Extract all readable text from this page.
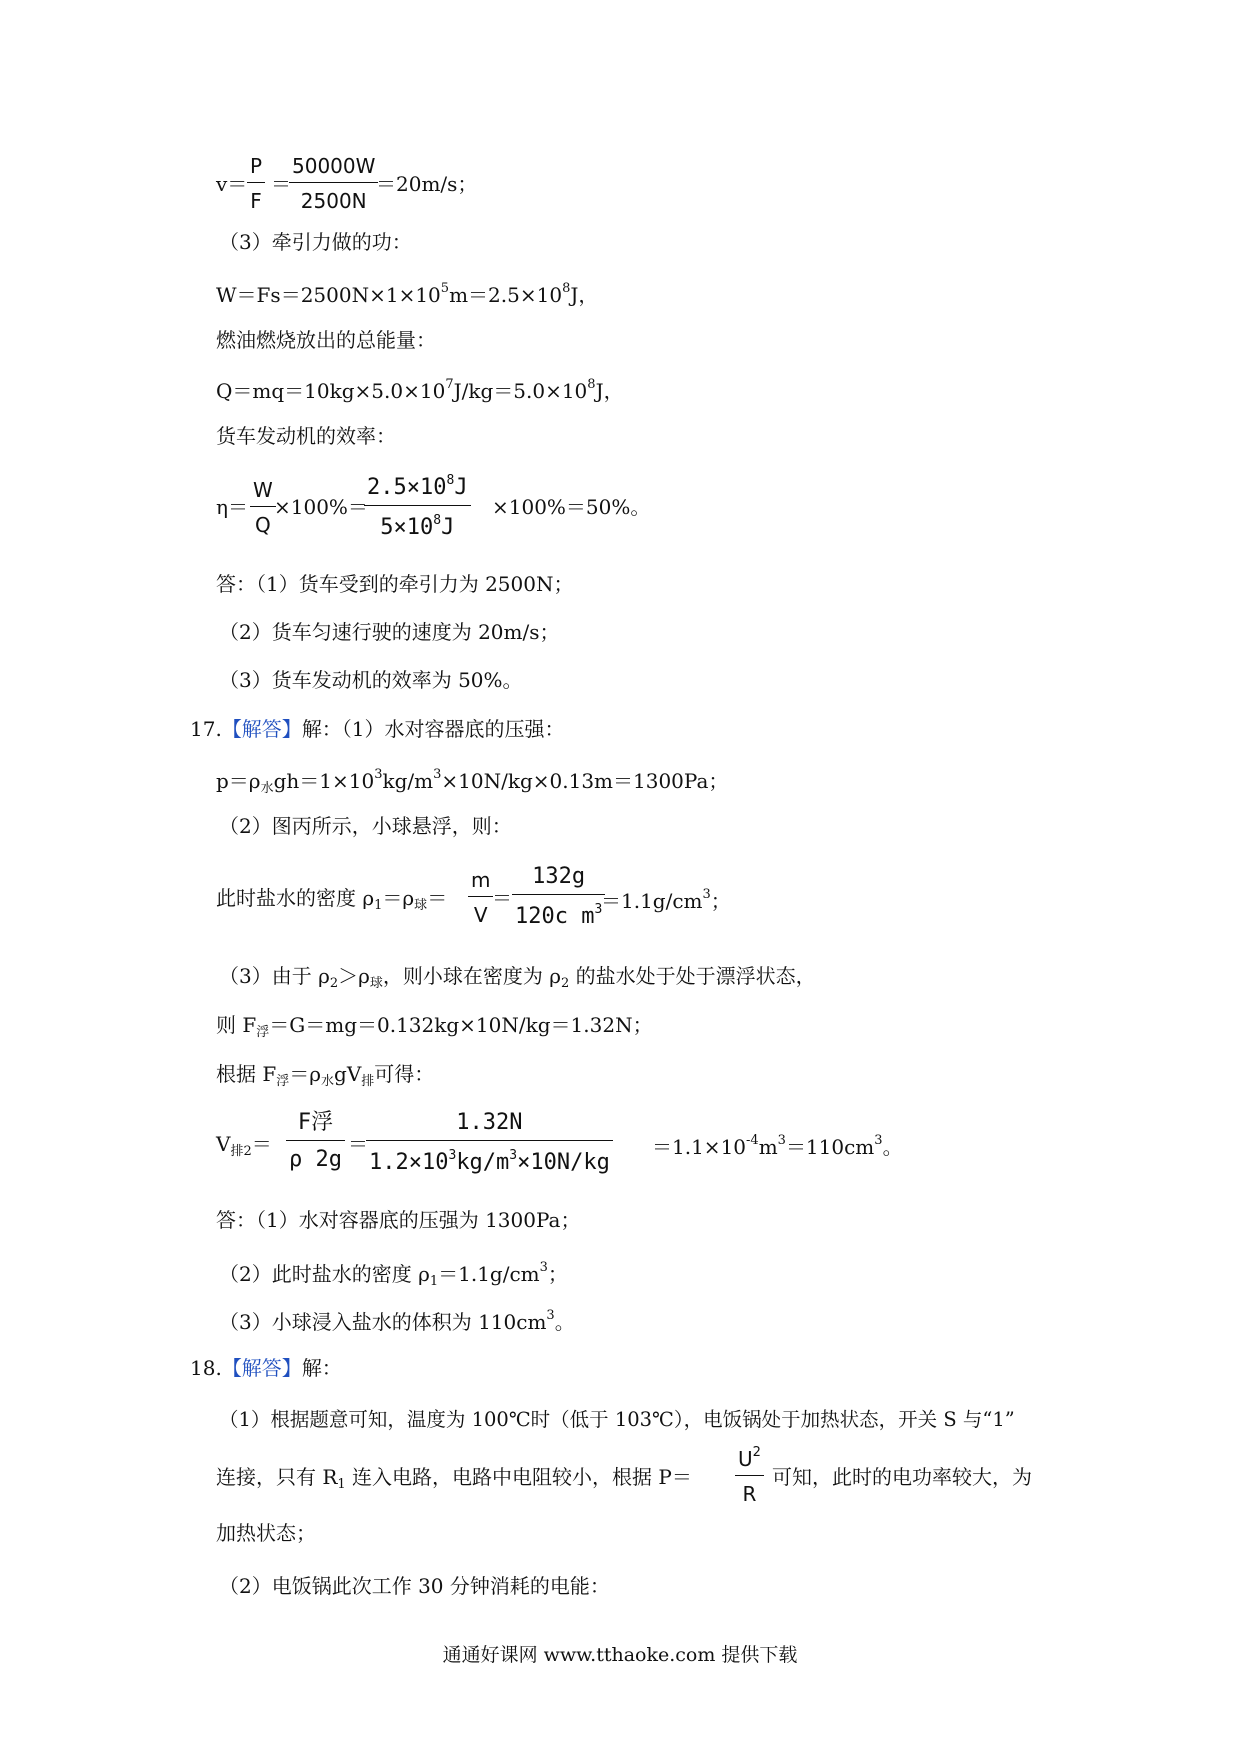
v＝
P
F
＝
50000W
2500N
＝20m/s；
（3）牵引力做的功：
$W=Fs=2500N\times 1\times 10^5m=2.5\times 10^8J$，
燃油燃烧放出的总能量：
$Q=mq=10kg\times 5.0\times 10^7J/kg=5.0\times 10^8J$，
货车发动机的效率：
η＝
W
Q
×100%＝
$2.5\times 10^8J$
$5\times 10^8J$
×100%＝50%。
答：（1）货车受到的牵引力为 2500N；
（2）货车匀速行驶的速度为 20m/s；
（3）货车发动机的效率为 50%。
17.【解答】解：（1）水对容器底的压强：
$p=\rho_水gh=1\times 10^3kg/m^3\times 10N/kg\times 0.13m=1300Pa$；
（2）图丙所示，小球悬浮，则：
此时盐水的密度 $\rho_1=\rho_球=$
m
V
＝
132g
120c $m^3$
$=1.1g/cm^3$；
（3）由于 $\rho_2>\rho_球$，则小球在密度为 $\rho_2$ 的盐水处于处于漂浮状态，
则 $F_浮=G=mg=0.132kg\times 10N/kg=1.32N$；
根据 $F_浮=\rho_水gV_排$可得：
$V_{排2}=$
F浮
ρ 2g
＝
1.32N
$1.2\times 10^3kg/m^3\times 10N/kg$
$=1.1\times 10^{-4}m^3=110cm^3$。
答：（1）水对容器底的压强为 1300Pa；
（2）此时盐水的密度 $\rho_1=1.1g/cm^3$；
（3）小球浸入盐水的体积为 $110cm^3$。
18.【解答】解：
（1）根据题意可知，温度为 100℃时（低于 103℃），电饭锅处于加热状态，开关 S 与“1”
连接，只有 $R_1$ 连入电路，电路中电阻较小，根据 P＝
$U^2$
R
可知，此时的电功率较大，为
加热状态；
（2）电饭锅此次工作 30 分钟消耗的电能：
通通好课网 www.tthaoke.com 提供下载
